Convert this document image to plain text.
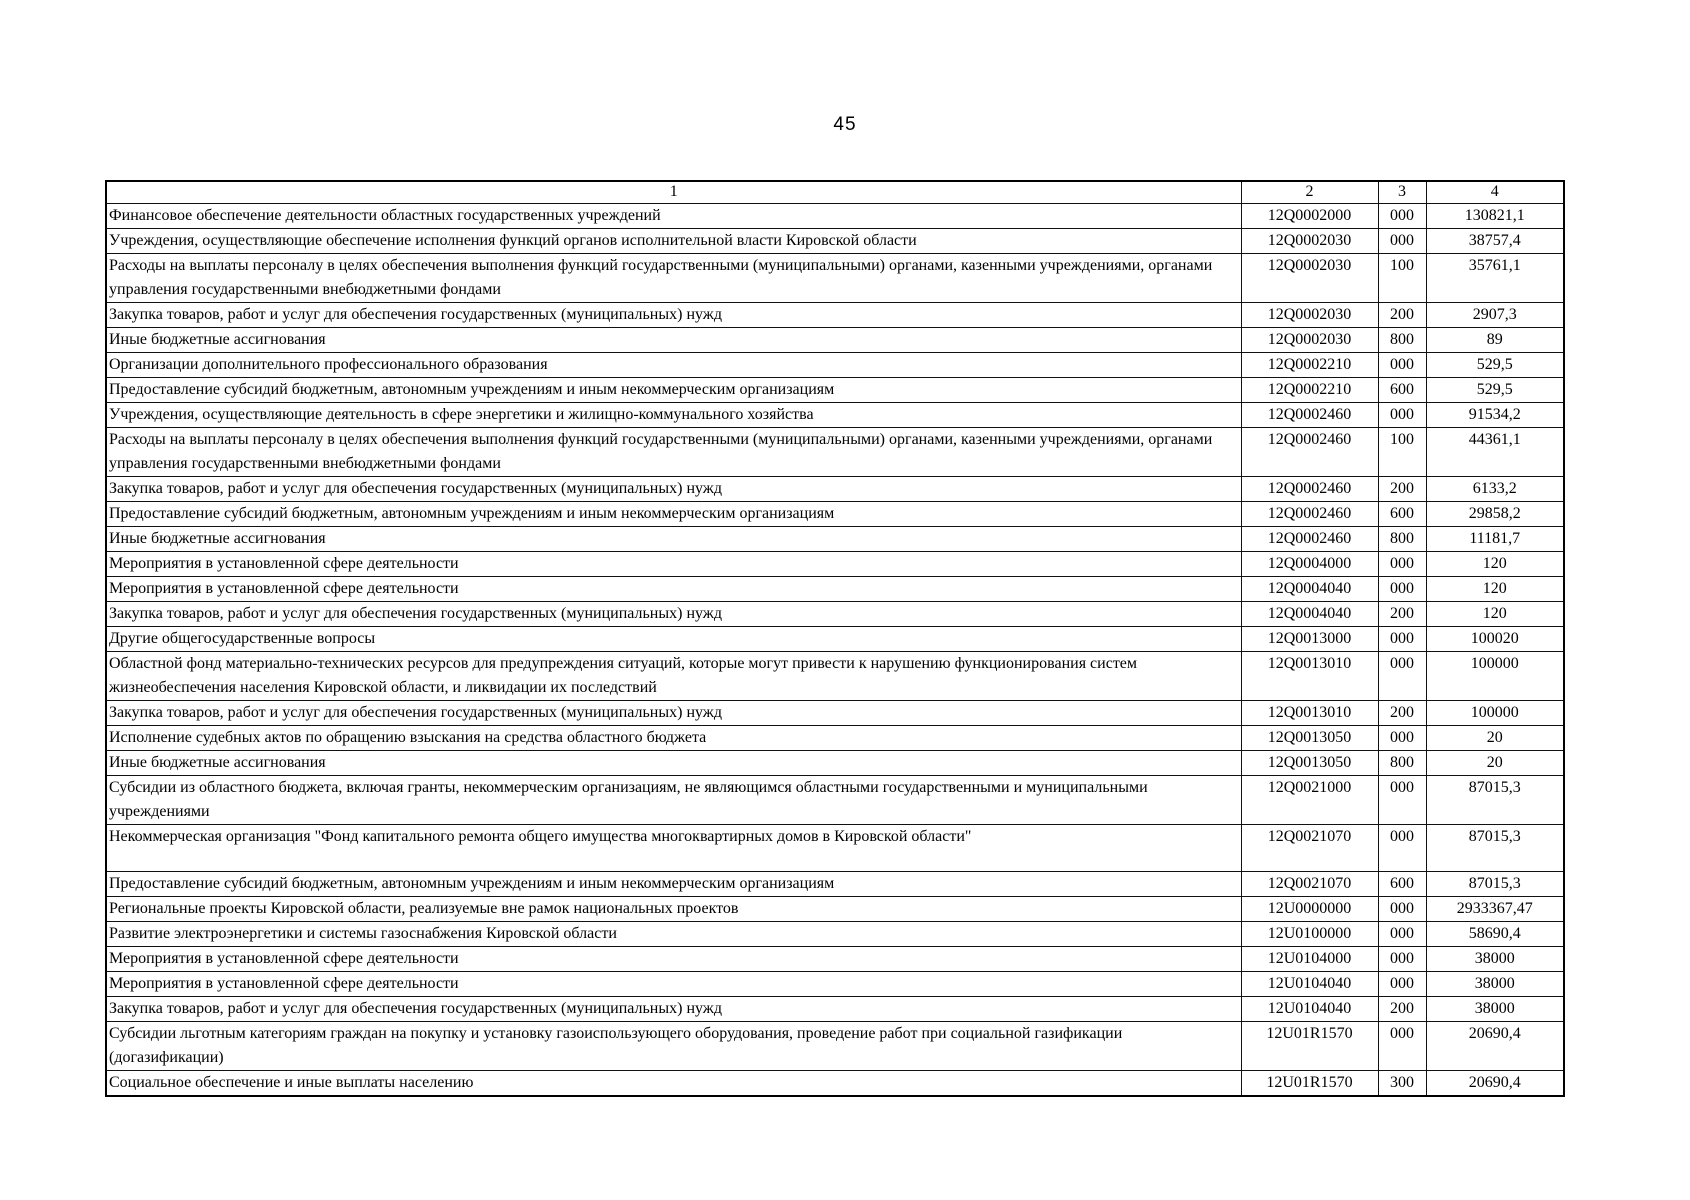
45
1	2	3	4
Финансовое обеспечение деятельности областных государственных учреждений	12Q0002000	000	130821,1
Учреждения, осуществляющие обеспечение исполнения функций органов исполнительной власти Кировской области	12Q0002030	000	38757,4
Расходы на выплаты персоналу в целях обеспечения выполнения функций государственными (муниципальными) органами, казенными учреждениями, органами управления государственными внебюджетными фондами	12Q0002030	100	35761,1
Закупка товаров, работ и услуг для обеспечения государственных (муниципальных) нужд	12Q0002030	200	2907,3
Иные бюджетные ассигнования	12Q0002030	800	89
Организации дополнительного профессионального образования	12Q0002210	000	529,5
Предоставление субсидий бюджетным, автономным учреждениям и иным некоммерческим организациям	12Q0002210	600	529,5
Учреждения, осуществляющие деятельность в сфере энергетики и жилищно-коммунального хозяйства	12Q0002460	000	91534,2
Расходы на выплаты персоналу в целях обеспечения выполнения функций государственными (муниципальными) органами, казенными учреждениями, органами управления государственными внебюджетными фондами	12Q0002460	100	44361,1
Закупка товаров, работ и услуг для обеспечения государственных (муниципальных) нужд	12Q0002460	200	6133,2
Предоставление субсидий бюджетным, автономным учреждениям и иным некоммерческим организациям	12Q0002460	600	29858,2
Иные бюджетные ассигнования	12Q0002460	800	11181,7
Мероприятия в установленной сфере деятельности	12Q0004000	000	120
Мероприятия в установленной сфере деятельности	12Q0004040	000	120
Закупка товаров, работ и услуг для обеспечения государственных (муниципальных) нужд	12Q0004040	200	120
Другие общегосударственные вопросы	12Q0013000	000	100020
Областной фонд материально-технических ресурсов для предупреждения ситуаций, которые могут привести к нарушению функционирования систем жизнеобеспечения населения Кировской области, и ликвидации их последствий	12Q0013010	000	100000
Закупка товаров, работ и услуг для обеспечения государственных (муниципальных) нужд	12Q0013010	200	100000
Исполнение судебных актов по обращению взыскания на средства областного бюджета	12Q0013050	000	20
Иные бюджетные ассигнования	12Q0013050	800	20
Субсидии из областного бюджета, включая гранты, некоммерческим организациям, не являющимся областными государственными и муниципальными учреждениями	12Q0021000	000	87015,3
Некоммерческая организация "Фонд капитального ремонта общего имущества многоквартирных домов в Кировской области"	12Q0021070	000	87015,3
Предоставление субсидий бюджетным, автономным учреждениям и иным некоммерческим организациям	12Q0021070	600	87015,3
Региональные проекты Кировской области, реализуемые вне рамок национальных проектов	12U0000000	000	2933367,47
Развитие электроэнергетики и системы газоснабжения Кировской области	12U0100000	000	58690,4
Мероприятия в установленной сфере деятельности	12U0104000	000	38000
Мероприятия в установленной сфере деятельности	12U0104040	000	38000
Закупка товаров, работ и услуг для обеспечения государственных (муниципальных) нужд	12U0104040	200	38000
Субсидии льготным категориям граждан на покупку и установку газоиспользующего оборудования, проведение работ при социальной газификации (догазификации)	12U01R1570	000	20690,4
Социальное обеспечение и иные выплаты населению	12U01R1570	300	20690,4
